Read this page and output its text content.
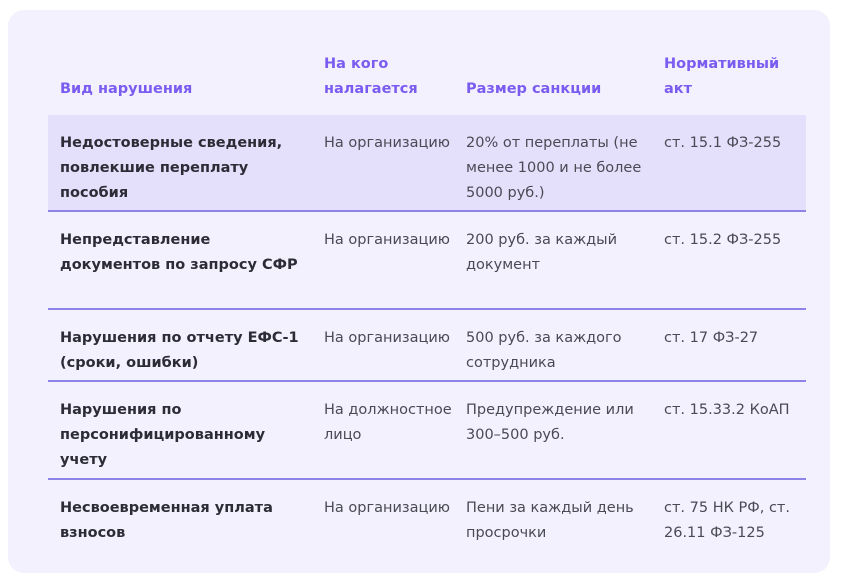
Вид нарушения
На кого налагается	Размер санкции
Нормативный акт
Недостоверные сведения, повлекшие переплату пособия
На организацию 20% от переплаты (не менее 1000 и не более 5000 руб.)
ст. 15.1 ФЗ-255
Непредставление документов по запросу СФР
На организацию 200 руб. за каждый документ
ст. 15.2 ФЗ-255
Нарушения по отчету ЕФС-1 (сроки, ошибки)
На организацию 500 руб. за каждого сотрудника
ст. 17 ФЗ-27
Нарушения по персонифицированному учету
На должностное лицо
Предупреждение или 300–500 руб.
ст. 15.33.2 КоАП
Несвоевременная уплата взносов
На организацию Пени за каждый день просрочки
ст. 75 НК РФ, ст. 26.11 ФЗ-125
